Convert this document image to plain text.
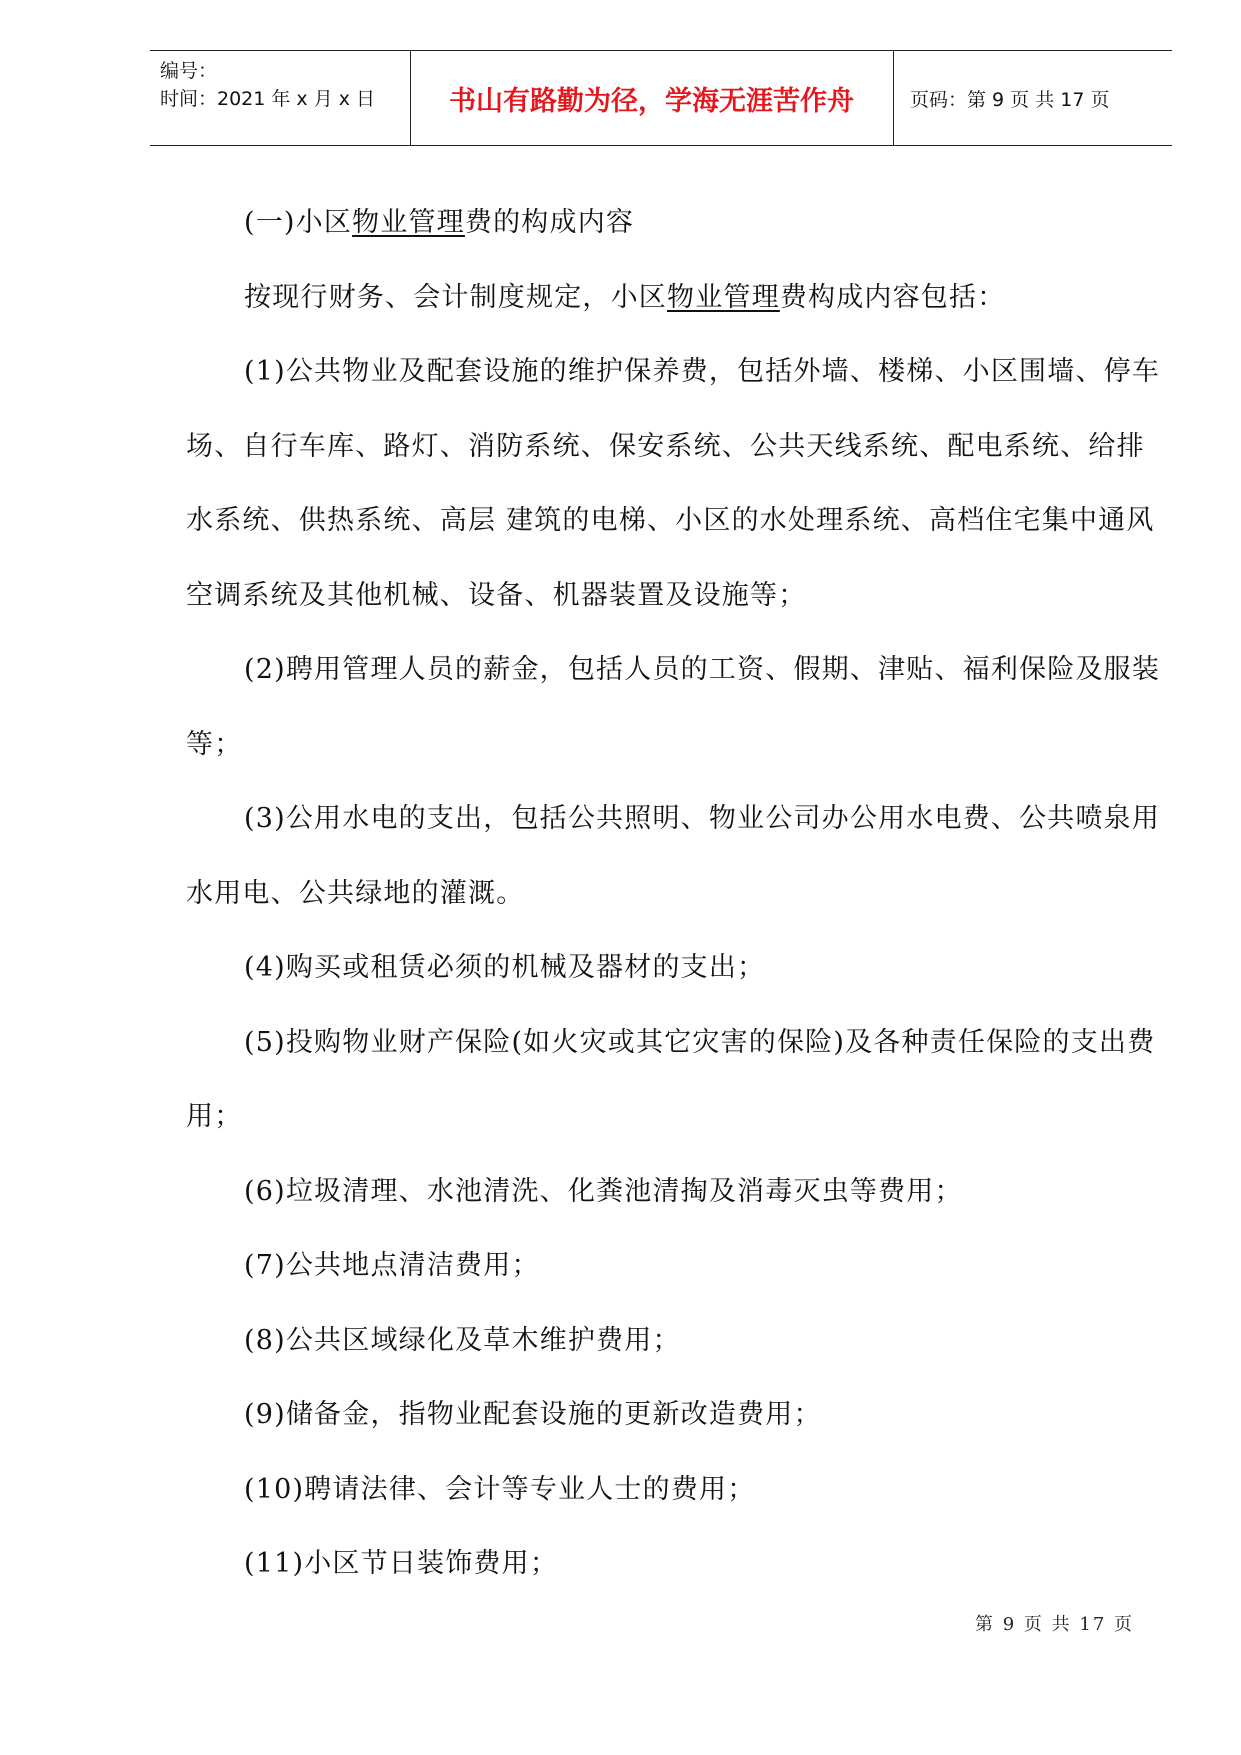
编号：
时间：2021 年 x 月 x 日	书山有路勤为径，学海无涯苦作舟	页码：第 9 页 共 17 页

(一)小区物业管理费的构成内容

按现行财务、会计制度规定，小区物业管理费构成内容包括：

(1)公共物业及配套设施的维护保养费，包括外墙、楼梯、小区围墙、停车场、自行车库、路灯、消防系统、保安系统、公共天线系统、配电系统、给排水系统、供热系统、高层 建筑的电梯、小区的水处理系统、高档住宅集中通风空调系统及其他机械、设备、机器装置及设施等；

(2)聘用管理人员的薪金，包括人员的工资、假期、津贴、福利保险及服装等；

(3)公用水电的支出，包括公共照明、物业公司办公用水电费、公共喷泉用水用电、公共绿地的灌溉。

(4)购买或租赁必须的机械及器材的支出；

(5)投购物业财产保险(如火灾或其它灾害的保险)及各种责任保险的支出费用；

(6)垃圾清理、水池清洗、化粪池清掏及消毒灭虫等费用；

(7)公共地点清洁费用；

(8)公共区域绿化及草木维护费用；

(9)储备金，指物业配套设施的更新改造费用；

(10)聘请法律、会计等专业人士的费用；

(11)小区节日装饰费用；

第 9 页 共 17 页
